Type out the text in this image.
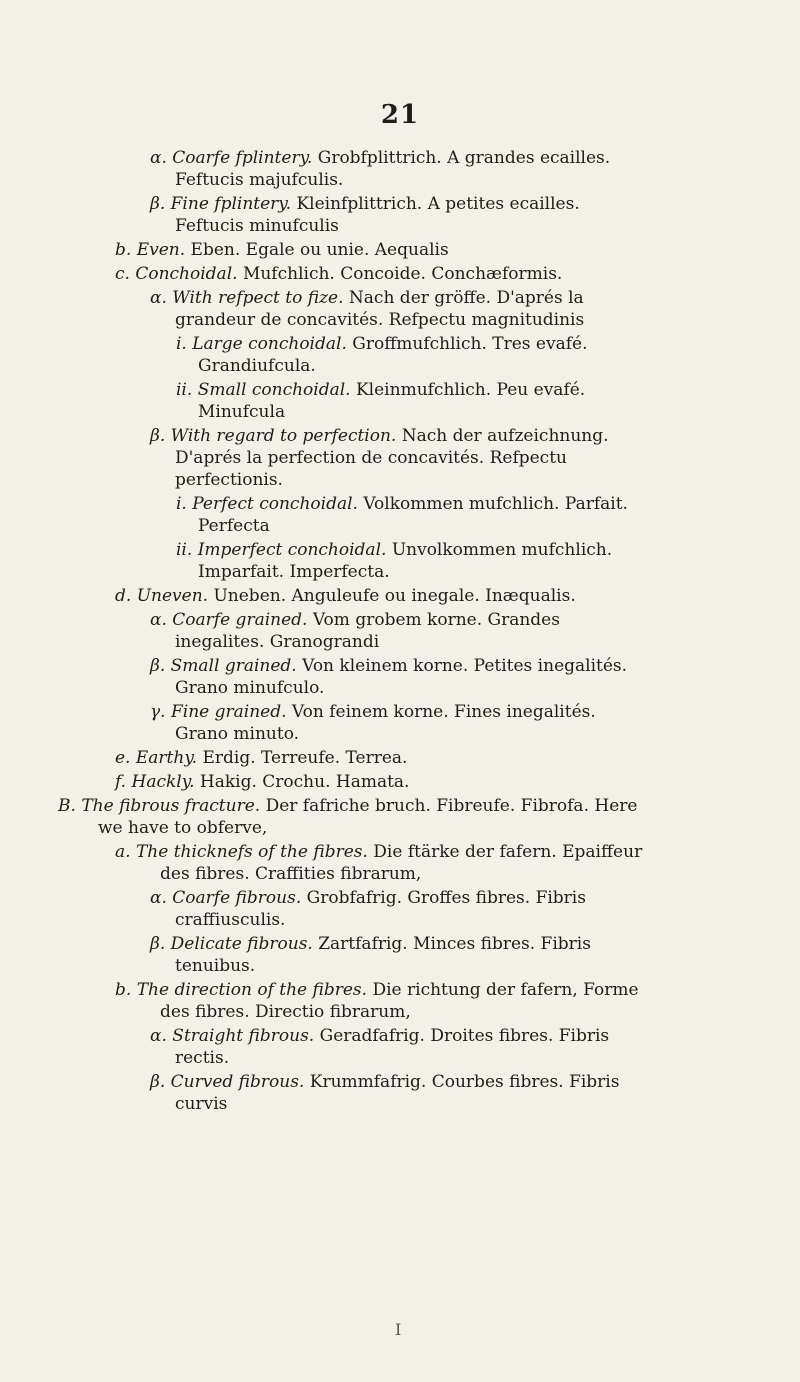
21
α. Coarfe fplintery. Grobfplittrich. A grandes ecailles. Feftucis majufculis.
β. Fine fplintery. Kleinfplittrich. A petites ecailles. Feftucis minufculis
b. Even. Eben. Egale ou unie. Aequalis
c. Conchoidal. Mufchlich. Concoide. Conchæformis.
α. With refpect to fize. Nach der gröffe. D'aprés la grandeur de concavités. Refpectu magnitudinis
i. Large conchoidal. Groffmufchlich. Tres evafé. Grandiufcula.
ii. Small conchoidal. Kleinmufchlich. Peu evafé. Minufcula
β. With regard to perfection. Nach der aufzeichnung. D'aprés la perfection de concavités. Refpectu perfectionis.
i. Perfect conchoidal. Volkommen mufchlich. Parfait. Perfecta
ii. Imperfect conchoidal. Unvolkommen mufchlich. Imparfait. Imperfecta.
d. Uneven. Uneben. Anguleufe ou inegale. Inæqualis.
α. Coarfe grained. Vom grobem korne. Grandes inegalites. Granograndi
β. Small grained. Von kleinem korne. Petites inegalités. Grano minufculo.
γ. Fine grained. Von feinem korne. Fines inegalités. Grano minuto.
e. Earthy. Erdig. Terreufe. Terrea.
f. Hackly. Hakig. Crochu. Hamata.
B. The fibrous fracture. Der fafriche bruch. Fibreufe. Fibrofa. Here we have to obferve,
a. The thicknefs of the fibres. Die ftärke der fafern. Epaiffeur des fibres. Craffities fibrarum,
α. Coarfe fibrous. Grobfafrig. Groffes fibres. Fibris craffiusculis.
β. Delicate fibrous. Zartfafrig. Minces fibres. Fibris tenuibus.
b. The direction of the fibres. Die richtung der fafern, Forme des fibres. Directio fibrarum,
α. Straight fibrous. Geradfafrig. Droites fibres. Fibris rectis.
β. Curved fibrous. Krummfafrig. Courbes fibres. Fibris curvis
I
